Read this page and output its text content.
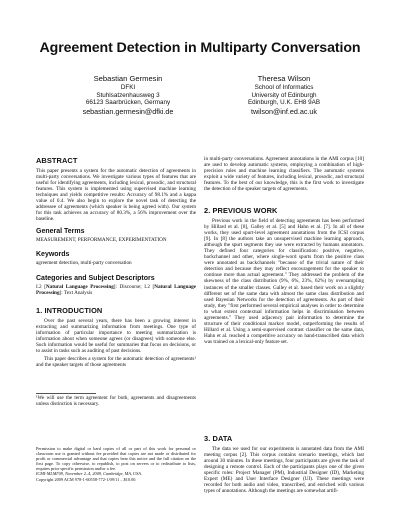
Agreement Detection in Multiparty Conversation
Sebastian Germesin
DFKI
Stuhlsatzenhausweg 3
66123 Saarbrücken, Germany
sebastian.germesin@dfki.de
Theresa Wilson
School of Informatics
University of Edinburgh
Edinburgh, U.K. EH8 9AB
twilson@inf.ed.ac.uk
ABSTRACT

This paper presents a system for the automatic detection of agreements in multi-party conversations. We investigate various types of features that are useful for identifying agreements, including lexical, prosodic, and structural features. This system is implemented using supervised machine learning techniques and yields competitive results: Accuracy of 98.1% and a kappa value of 0.4. We also begin to explore the novel task of detecting the addressee of agreements (which speaker is being agreed with). Our system for this task achieves an accuracy of 80.3%, a 56% improvement over the baseline.

General Terms

MEASUREMENT, PERFORMANCE, EXPERIMENTATION

Keywords

agreement detection, multi-party conversation

Categories and Subject Descriptors

I.2 [Natural Language Processing]: Discourse; I.2 [Natural Language Processing]: Text Analysis

1. INTRODUCTION

Over the past several years, there has been a growing interest in extracting and summarizing information from meetings. One type of information of particular importance to meeting summarization is information about when someone agrees (or disagrees) with someone else. Such information would be useful for summaries that focus on decisions, or to assist in tasks such as auditing of past decisions.

This paper describes a system for the automatic detection of agreements¹ and the speaker targets of those agreements

¹We will use the term agreement for both, agreements and disagreements unless distinction is necessary.

Permission to make digital or hard copies of all or part of this work for personal or classroom use is granted without fee provided that copies are not made or distributed for profit or commercial advantage and that copies bear this notice and the full citation on the first page. To copy otherwise, to republish, to post on servers or to redistribute to lists, requires prior specific permission and/or a fee.

ICMI-MLMI'09, November 2–4, 2009, Cambridge, MA, USA.

Copyright 2009 ACM 978-1-60558-772-1/09/11 ...$10.00.

in multi-party conversations. Agreement annotations in the AMI corpus [10] are used to develop automatic systems, employing a combination of high-precision rules and machine learning classifiers. The automatic systems exploit a wide variety of features, including lexical, prosodic, and structural features. To the best of our knowledge, this is the first work to investigate the detection of the speaker targets of agreements.

2. PREVIOUS WORK

Previous work in the field of detecting agreements has been performed by Hillard et al. [8], Galley et al. [5] and Hahn et al. [7]. In all of these works, they used spurt-level agreement annotations from the ICSI corpus [9]. In [8] the authors take an unsupervised machine learning approach, although the spurt segments they use were extracted by humans annotators. They defined four categories for classification: positive, negative, backchannel and other, where single-word spurts from the positive class were annotated as backchannels "because of the trivial nature of their detection and because they may reflect encouragement for the speaker to continue more than actual agreement." They addressed the problem of the skewness of the class distribution (9%, 6%, 23%, 62%) by oversampling instances of the smaller classes. Galley et al. based their work on a slightly different set of the same data with almost the same class distribution and used Bayesian Networks for the detection of agreements. As part of their study, they "first performed several empirical analyses in order to determine to what extent contextual information helps in discrimination between agreements." They used adjacency pair information to determine the structure of their conditional markov model, outperforming the results of Hillard et al. Using a semi-supervised contrast classifier on the same data, Hahn et al. reached a competitive accuracy on hand-transcribed data which was trained on a lexical-only feature set.

3. DATA

The data we used for our experiments is annotated data from the AMI meeting corpus [2]. This corpus contains scenario meetings, which last around 30 minutes. In these meetings, four participants are given the task of designing a remote control. Each of the participants plays one of the given specific roles: Project Manager (PM), Industrial Designer (ID), Marketing Expert (ME) and User Interface Designer (UI). These meetings were recorded for both audio and video, transcribed, and enriched with various types of annotations. Although the meetings are somewhat artifi-
